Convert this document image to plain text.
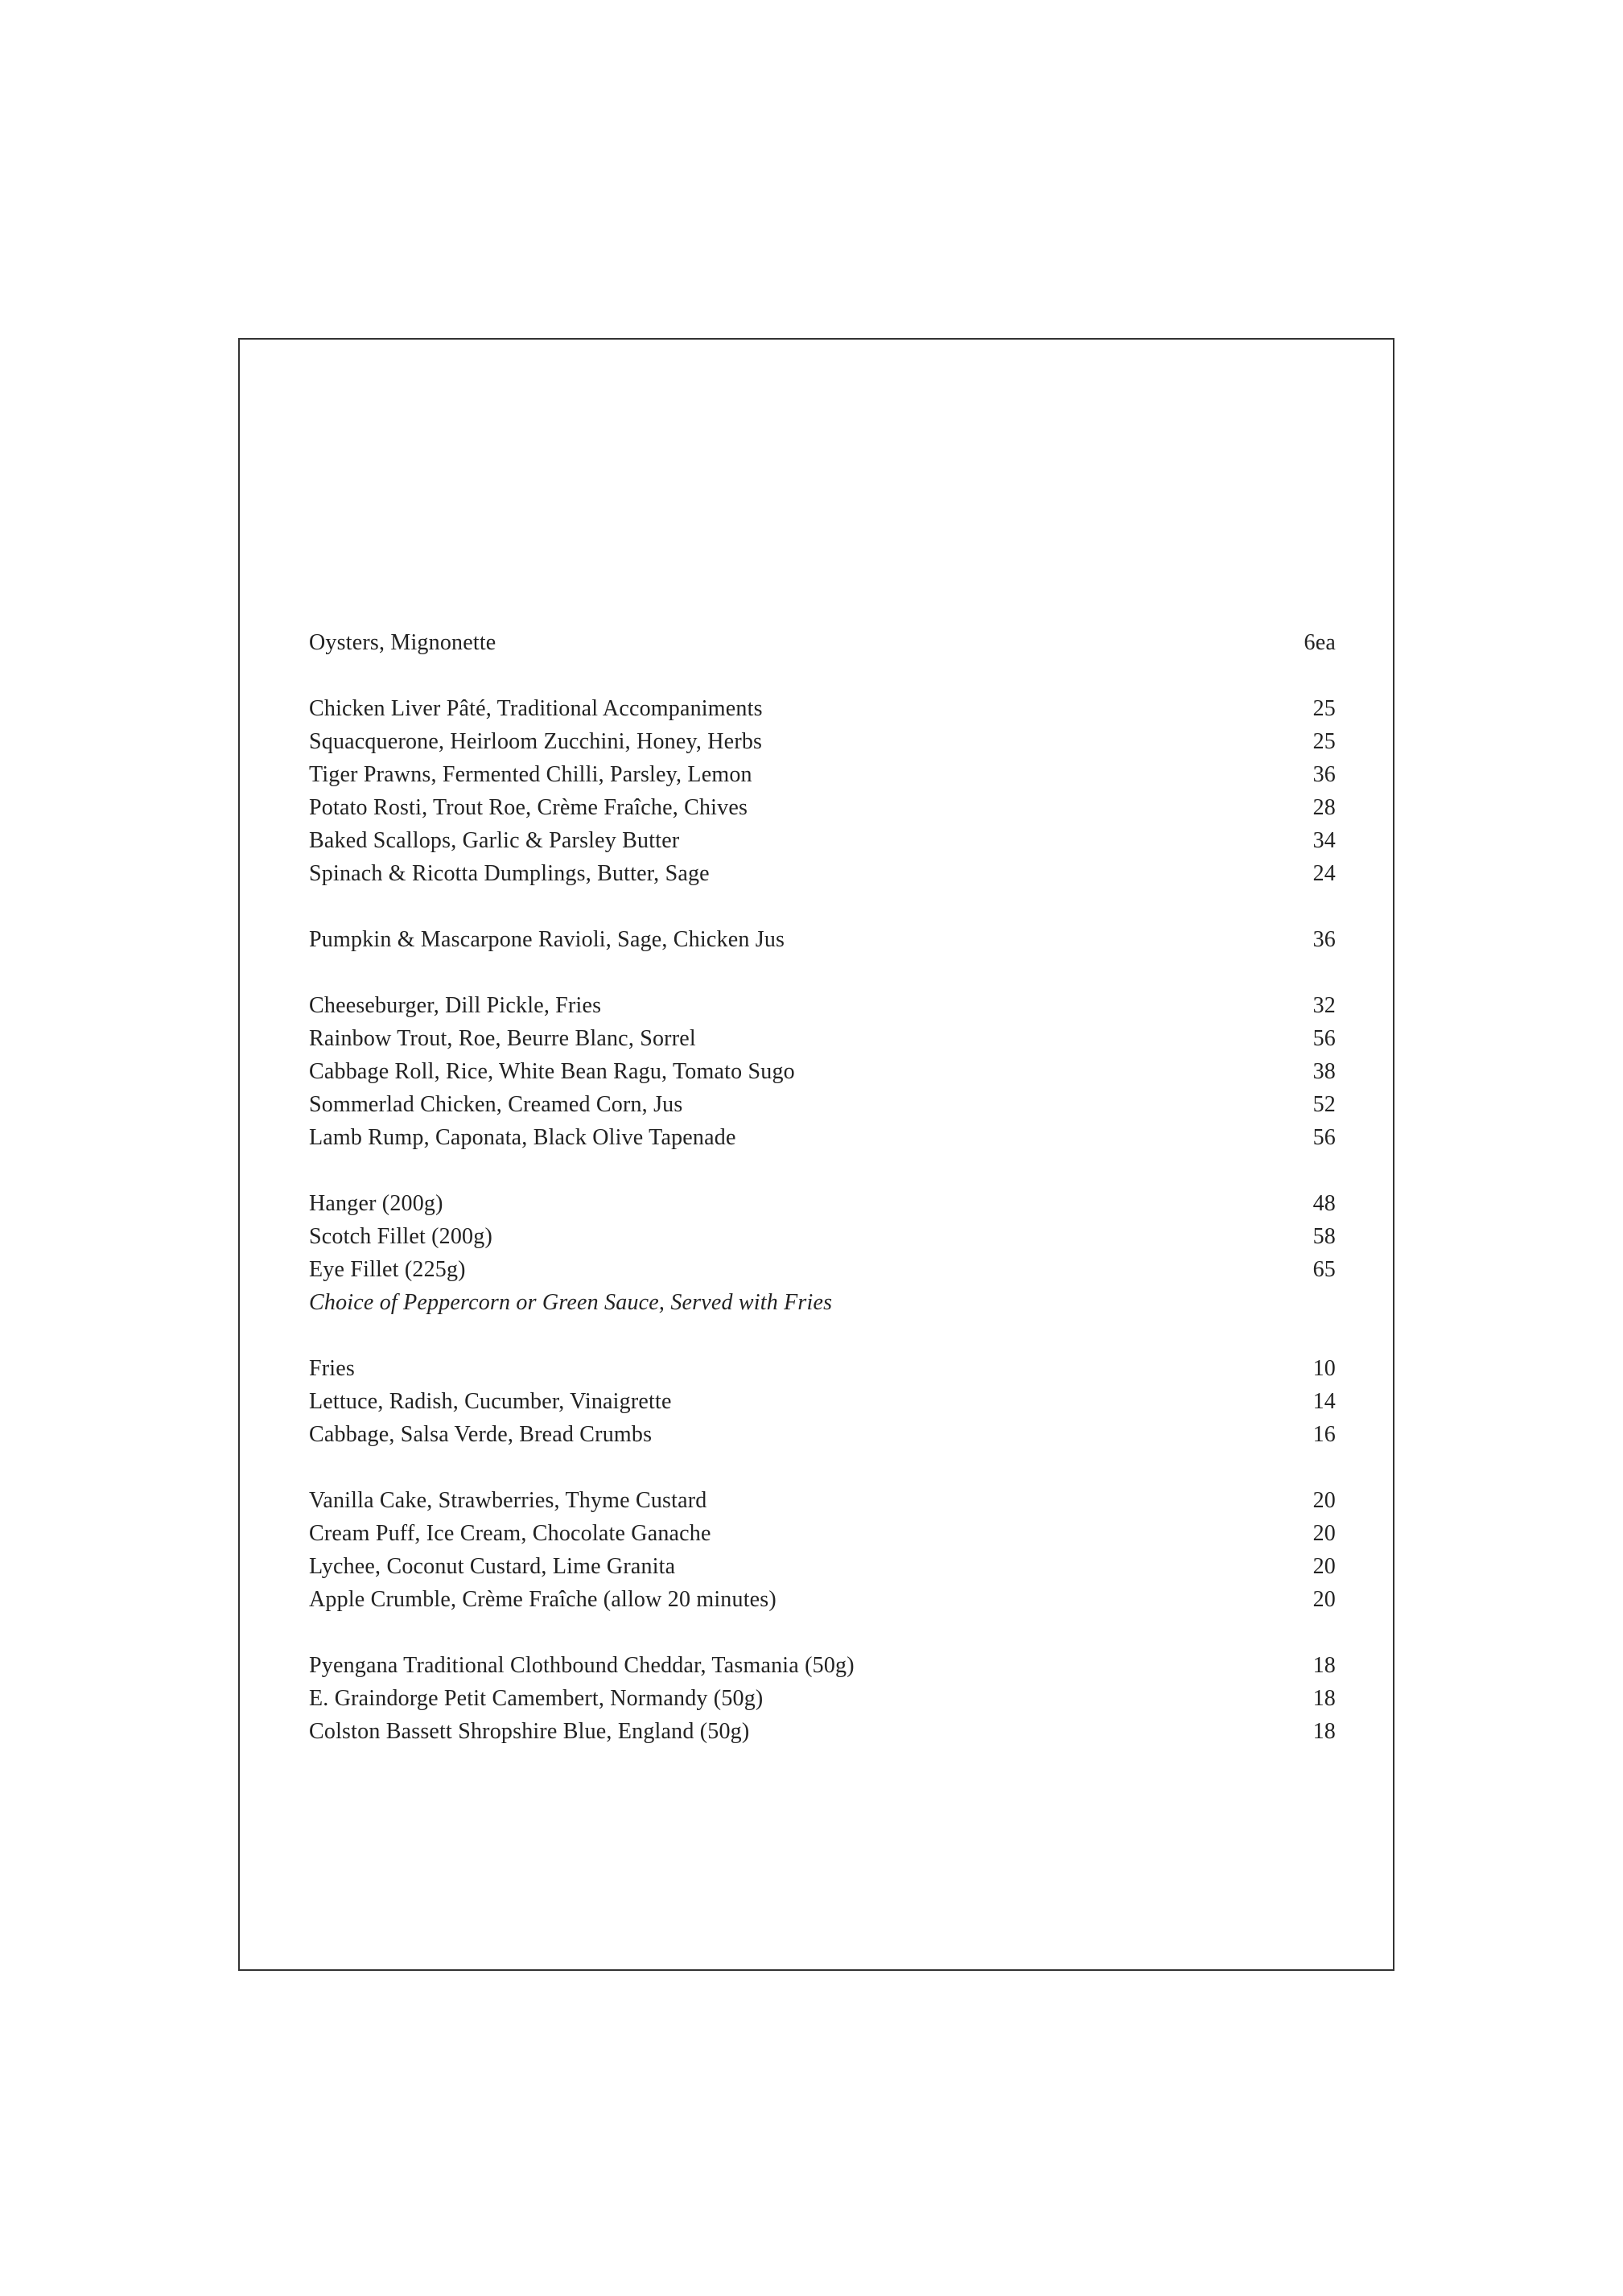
Oysters, Mignonette	6ea
Chicken Liver Pâté, Traditional Accompaniments	25
Squacquerone, Heirloom Zucchini, Honey, Herbs	25
Tiger Prawns, Fermented Chilli, Parsley, Lemon	36
Potato Rosti, Trout Roe, Crème Fraîche, Chives	28
Baked Scallops, Garlic & Parsley Butter	34
Spinach & Ricotta Dumplings, Butter, Sage	24
Pumpkin & Mascarpone Ravioli, Sage, Chicken Jus	36
Cheeseburger, Dill Pickle, Fries	32
Rainbow Trout, Roe, Beurre Blanc, Sorrel	56
Cabbage Roll, Rice, White Bean Ragu, Tomato Sugo	38
Sommerlad Chicken, Creamed Corn, Jus	52
Lamb Rump, Caponata, Black Olive Tapenade	56
Hanger (200g)	48
Scotch Fillet (200g)	58
Eye Fillet (225g)	65
Choice of Peppercorn or Green Sauce, Served with Fries
Fries	10
Lettuce, Radish, Cucumber, Vinaigrette	14
Cabbage, Salsa Verde, Bread Crumbs	16
Vanilla Cake, Strawberries, Thyme Custard	20
Cream Puff, Ice Cream, Chocolate Ganache	20
Lychee, Coconut Custard, Lime Granita	20
Apple Crumble, Crème Fraîche (allow 20 minutes)	20
Pyengana Traditional Clothbound Cheddar, Tasmania (50g)	18
E. Graindorge Petit Camembert, Normandy (50g)	18
Colston Bassett Shropshire Blue, England (50g)	18
